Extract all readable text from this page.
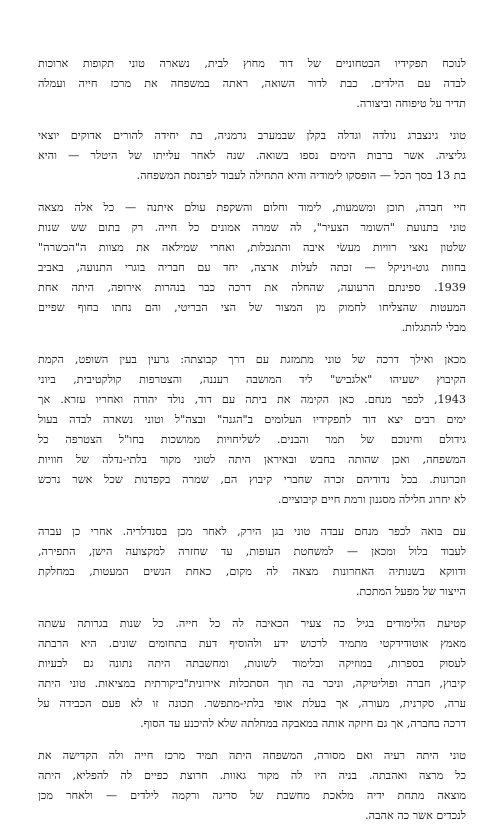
לנוכח תפקידיו הבטחוניים של דוד מחוץ לבית, נשארה טוני תקופות ארוכות
לבדה עם הילדים. כבת לדור השואה, ראתה במשפחה את מרכז חייה ועמלה
תדיר על טיפוחה וביצורה.

טוני גינצברג נולדה וגדלה בקלן שבמערב גרמניה, בת יחידה להורים אדוקים יוצאי
גליציה. אשר ברבות הימים נספו בשואה. שנה לאחר עלייתו של היטלר — והיא
בת 13 בסך הכל — הופסקו לימודיה והיא התחילה לעבוד לפרנסת המשפחה.

חיי חברה, תוכן ומשמעות, לימוד וחלום והשקפת עולם איתנה — כל אלה מצאה
טוני בתנועת "השומר הצעיר", לה שמרה אמונים כל חייה. רק בתום שש שנות
שלטון נאצי רוויות מעשׂי איבה והתנכלות, ואחרי שמילאה את מצוות ה"הכשרה"
בחוות גוט-ויניקל — זכתה לעלות ארצה, יחד עם חבריה בוגרי התנועה, באביב
1939. ספינתם הרעועה, שהחלה את דרכה כבר בנהרות אירופה, היתה אחת
המעטות שהצליחו לחמוק מן המצור של הצי הבריטי, והם נחתו בחוף שפיים
מבלי להתגלות.

מכאן ואילך דרכה של טוני מתמזגת עם דרך קבוצתה: גרעין בעין השופט, הקמת
הקיבוץ ישעיהו "אלגביש" ליד המושבה רעננה, והצטרפות קולקטיבית, ביוני
1943, לכפר מנחם. כאן הקימה את ביתה עם דוד, נולד יהודה ואחריו עזרא. אך
ימים רבים יצא דוד לתפקידיו העלומים ב"הגנה" ובצה"ל וטוני נשארה לבדה בעול
גידולם וחינוכם של תמר והבנים. לשליחויות ממושכות בחו"ל הצטרפה כל
המשפחה, ואכן שהותה בחבש ובאיראן היתה לטוני מקור בלתי-נדלה של חוויות
וזכרונות. בכל נדודיהם זכרה שחברי קיבוץ הם, שמרה בקפדנות שכל אשר נרכש
לא יחרוג חלילה מסגנון ורמת חיים קיבוציים.

עם בואה לכפר מנחם עבדה טוני בגן הירק, לאחר מכן בסנדלריה. אחרי כן עברה
לעבוד בלול ומכאן — למשחטת העופות, עד שחזרה למקצועה הישן, התפירה,
ודווקא בשנותיה האחרונות מצאה לה מקום, כאחת הנשים המעטות, במחלקת
הייצור של מפעל המתכת.

קטיעת הלימודים בגיל כה צעיר הכאיבה לה כל חייה. כל שנות בגרותה עשתה
מאמץ אוטודידקטי מתמיד לרכוש ידע ולהוסיף דעת בתחומים שונים. היא הרבתה
לעסוק בספרות, במוזיקה ובלימוד לשונות, ומחשבתה היתה נתונה גם לבעיות
קיבוץ, חברה ופוליטיקה, וניכר בה תוך הסתכלות אירונית"ביקורתית במציאות. טוני היתה
ערה, סקרנית, מעורה, אך בעלת אופי בלתי-מתפשר. תכונה זו לא פעם הכבידה על
דרכה בחברה, אך גם חיזקה אותה במאבקה במחלתה שלא להיכנע עד הסוף.

טוני היתה רעיה ואם מסורה, המשפחה היתה תמיד מרכז חייה ולה הקדישה את
כל מרצה ואהבתה. בניה היו לה מקור גאוות. חרוצת כפיים לה להפליא, היתה
מוצאה מתחת ידיה מלאכת מחשבת של סריגה ורקמה לילדים — ולאחר מכן
לנכדים אשר כה אהבה.
